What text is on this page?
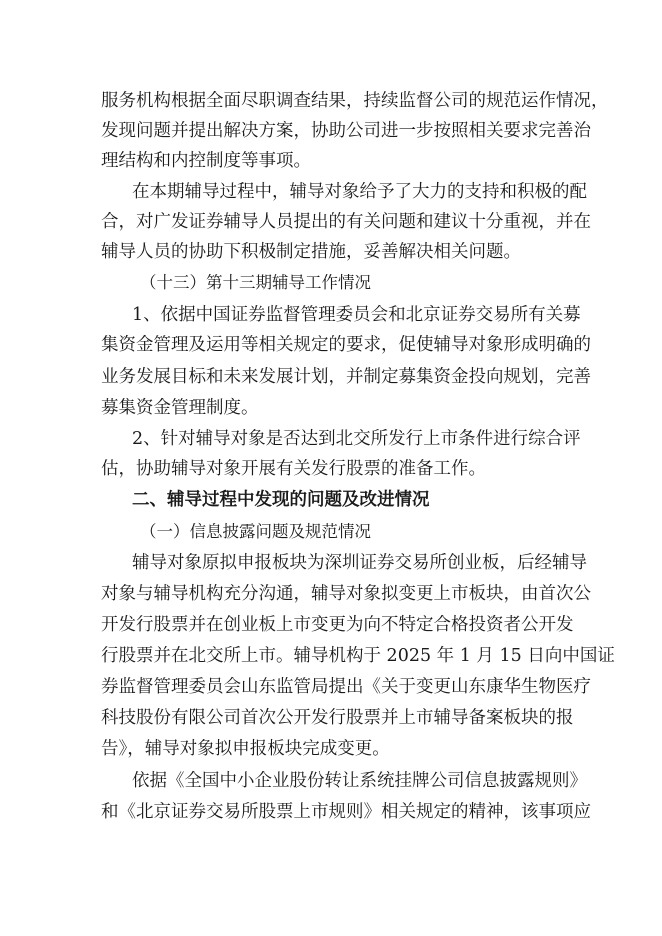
服务机构根据全面尽职调查结果，持续监督公司的规范运作情况，
发现问题并提出解决方案，协助公司进一步按照相关要求完善治
理结构和内控制度等事项。
在本期辅导过程中，辅导对象给予了大力的支持和积极的配
合，对广发证券辅导人员提出的有关问题和建议十分重视，并在
辅导人员的协助下积极制定措施，妥善解决相关问题。
（十三）第十三期辅导工作情况
1、依据中国证券监督管理委员会和北京证券交易所有关募
集资金管理及运用等相关规定的要求，促使辅导对象形成明确的
业务发展目标和未来发展计划，并制定募集资金投向规划，完善
募集资金管理制度。
2、针对辅导对象是否达到北交所发行上市条件进行综合评
估，协助辅导对象开展有关发行股票的准备工作。
二、辅导过程中发现的问题及改进情况
（一）信息披露问题及规范情况
辅导对象原拟申报板块为深圳证券交易所创业板，后经辅导
对象与辅导机构充分沟通，辅导对象拟变更上市板块，由首次公
开发行股票并在创业板上市变更为向不特定合格投资者公开发
行股票并在北交所上市。辅导机构于 2025 年 1 月 15 日向中国证
券监督管理委员会山东监管局提出《关于变更山东康华生物医疗
科技股份有限公司首次公开发行股票并上市辅导备案板块的报
告》，辅导对象拟申报板块完成变更。
依据《全国中小企业股份转让系统挂牌公司信息披露规则》
和《北京证券交易所股票上市规则》相关规定的精神，该事项应
